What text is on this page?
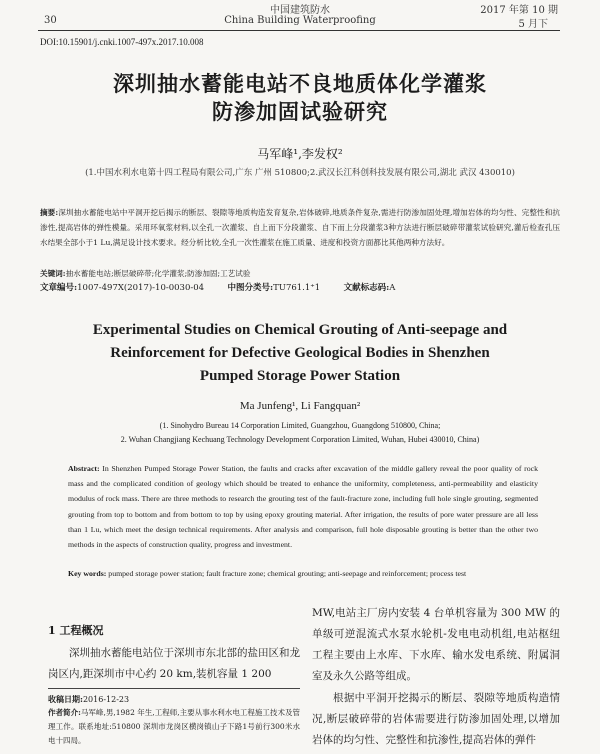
30
中国建筑防水
China Building Waterproofing
2017 年第 10 期
5 月下
DOI:10.15901/j.cnki.1007-497x.2017.10.008
深圳抽水蓄能电站不良地质体化学灌浆
防渗加固试验研究
马军峰¹,李发权²
(1.中国水利水电第十四工程局有限公司,广东 广州 510800;2.武汉长江科创科技发展有限公司,湖北 武汉 430010)
摘要:深圳抽水蓄能电站中平洞开挖后揭示的断层、裂隙等地质构造发育复杂,岩体破碎,地质条件复杂,需进行防渗加固处理,增加岩体的均匀性、完整性和抗渗性,提高岩体的弹性模量。采用环氧浆材料,以全孔一次灌浆、自上而下分段灌浆、自下而上分段灌浆3种方法进行断层破碎带灌浆试验研究,灌后检查孔压水结果全部小于1 Lu,满足设计技术要求。经分析比较,全孔一次性灌浆在施工质量、进度和投资方面都比其他两种方法好。
关键词:抽水蓄能电站;断层破碎带;化学灌浆;防渗加固;工艺试验
文章编号:1007-497X(2017)-10-0030-04	中图分类号:TU761.1⁺1	文献标志码:A
Experimental Studies on Chemical Grouting of Anti-seepage and
Reinforcement for Defective Geological Bodies in Shenzhen
Pumped Storage Power Station
Ma Junfeng¹, Li Fangquan²
(1. Sinohydro Bureau 14 Corporation Limited, Guangzhou, Guangdong 510800, China;
2. Wuhan Changjiang Kechuang Technology Development Corporation Limited, Wuhan, Hubei 430010, China)
Abstract: In Shenzhen Pumped Storage Power Station, the faults and cracks after excavation of the middle gallery reveal the poor quality of rock mass and the complicated condition of geology which should be treated to enhance the uniformity, completeness, anti-permeability and elasticity modulus of rock mass. There are three methods to research the grouting test of the fault-fracture zone, including full hole single grouting, segmented grouting from top to bottom and from bottom to top by using epoxy grouting material. After irrigation, the results of pore water pressure are all less than 1 Lu, which meet the design technical requirements. After analysis and comparison, full hole disposable grouting is better than the other two methods in the aspects of construction quality, progress and investment.
Key words: pumped storage power station; fault fracture zone; chemical grouting; anti-seepage and reinforcement; process test
1 工程概况
深圳抽水蓄能电站位于深圳市东北部的盐田区和龙岗区内,距深圳市中心约 20 km,装机容量 1 200
收稿日期:2016-12-23
作者简介:马军峰,男,1982 年生,工程师,主要从事水利水电工程施工技术及管理工作。联系地址:510800 深圳市龙岗区横岗镇山子下路1号前行300米水电十四局。
MW,电站主厂房内安装 4 台单机容量为 300 MW 的单级可逆混流式水泵水轮机-发电电动机组,电站枢纽工程主要由上水库、下水库、输水发电系统、附属洞室及永久公路等组成。
根据中平洞开挖揭示的断层、裂隙等地质构造情况,断层破碎带的岩体需要进行防渗加固处理,以增加岩体的均匀性、完整性和抗渗性,提高岩体的弹件
